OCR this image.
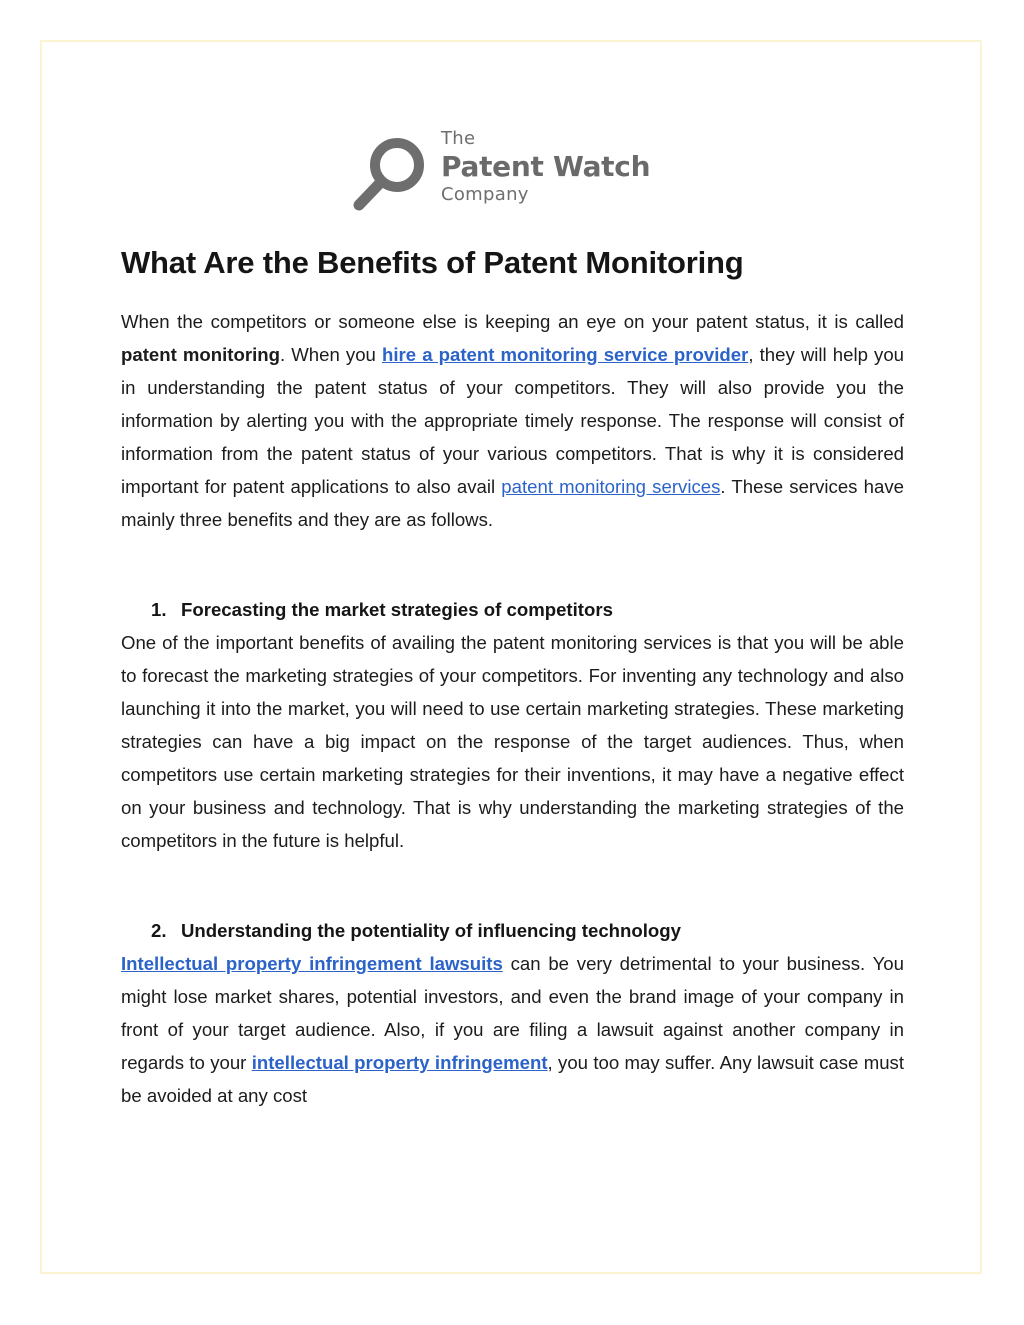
The
Patent Watch
Company
What Are the Benefits of Patent Monitoring

When the competitors or someone else is keeping an eye on your patent status, it is called patent monitoring. When you hire a patent monitoring service provider, they will help you in understanding the patent status of your competitors. They will also provide you the information by alerting you with the appropriate timely response. The response will consist of information from the patent status of your various competitors. That is why it is considered important for patent applications to also avail patent monitoring services. These services have mainly three benefits and they are as follows.

1. Forecasting the market strategies of competitors

One of the important benefits of availing the patent monitoring services is that you will be able to forecast the marketing strategies of your competitors. For inventing any technology and also launching it into the market, you will need to use certain marketing strategies. These marketing strategies can have a big impact on the response of the target audiences. Thus, when competitors use certain marketing strategies for their inventions, it may have a negative effect on your business and technology. That is why understanding the marketing strategies of the competitors in the future is helpful.

2. Understanding the potentiality of influencing technology

Intellectual property infringement lawsuits can be very detrimental to your business. You might lose market shares, potential investors, and even the brand image of your company in front of your target audience. Also, if you are filing a lawsuit against another company in regards to your intellectual property infringement, you too may suffer. Any lawsuit case must be avoided at any cost
